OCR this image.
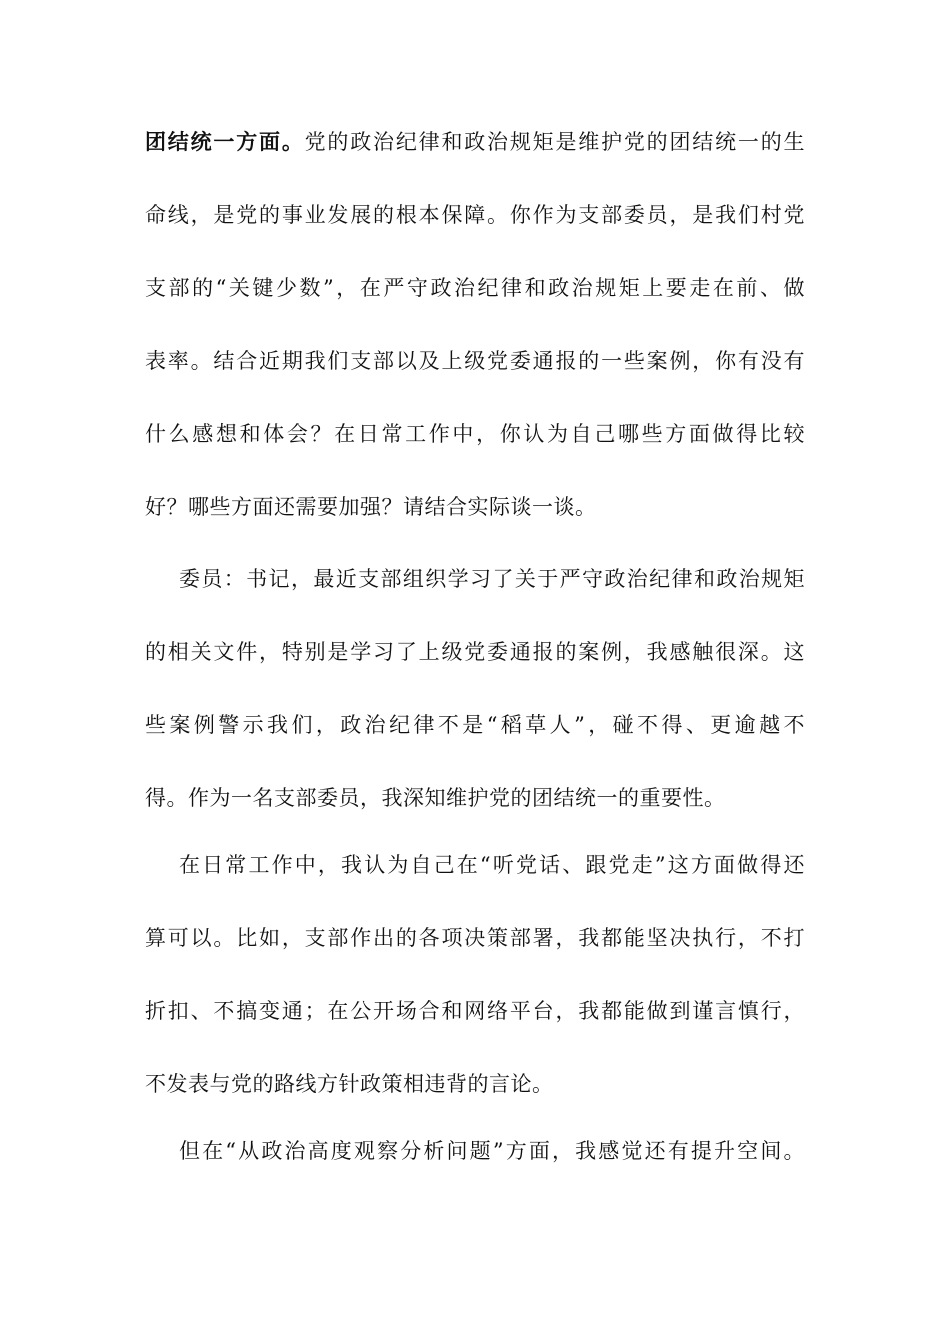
团结统一方面。党的政治纪律和政治规矩是维护党的团结统一的生
命线，是党的事业发展的根本保障。你作为支部委员，是我们村党
支部的“关键少数”，在严守政治纪律和政治规矩上要走在前、做
表率。结合近期我们支部以及上级党委通报的一些案例，你有没有
什么感想和体会？在日常工作中，你认为自己哪些方面做得比较
好？哪些方面还需要加强？请结合实际谈一谈。
委员：书记，最近支部组织学习了关于严守政治纪律和政治规矩
的相关文件，特别是学习了上级党委通报的案例，我感触很深。这
些案例警示我们，政治纪律不是“稻草人”，碰不得、更逾越不
得。作为一名支部委员，我深知维护党的团结统一的重要性。
在日常工作中，我认为自己在“听党话、跟党走”这方面做得还
算可以。比如，支部作出的各项决策部署，我都能坚决执行，不打
折扣、不搞变通；在公开场合和网络平台，我都能做到谨言慎行，
不发表与党的路线方针政策相违背的言论。
但在“从政治高度观察分析问题”方面，我感觉还有提升空间。
